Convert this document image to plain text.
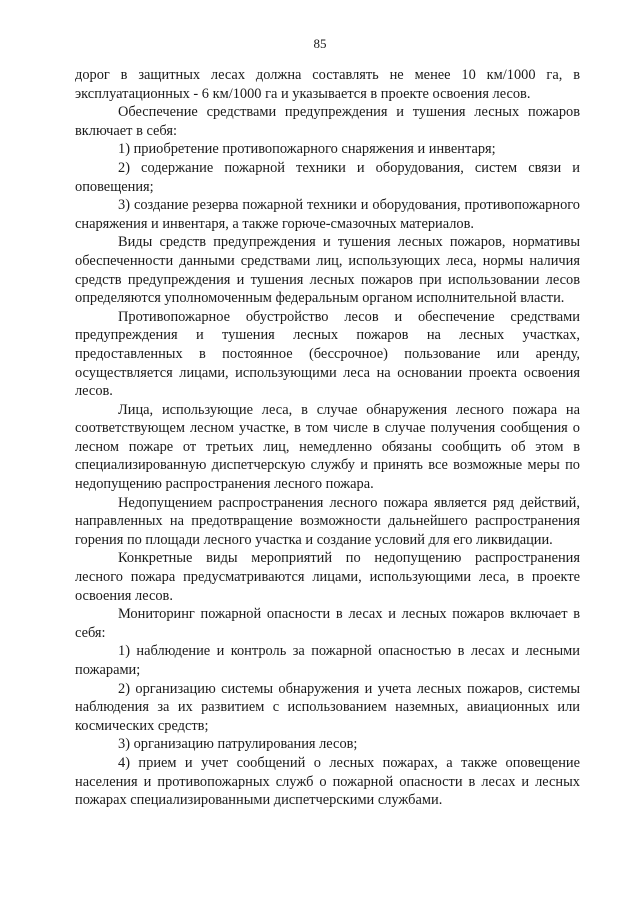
85

дорог в защитных лесах должна составлять не менее 10 км/1000 га, в эксплуатационных - 6 км/1000 га и указывается в проекте освоения лесов.

Обеспечение средствами предупреждения и тушения лесных пожаров включает в себя:

1) приобретение противопожарного снаряжения и инвентаря;

2) содержание пожарной техники и оборудования, систем связи и оповещения;

3) создание резерва пожарной техники и оборудования, противопожарного снаряжения и инвентаря, а также горюче-смазочных материалов.

Виды средств предупреждения и тушения лесных пожаров, нормативы обеспеченности данными средствами лиц, использующих леса, нормы наличия средств предупреждения и тушения лесных пожаров при использовании лесов определяются уполномоченным федеральным органом исполнительной власти.

Противопожарное обустройство лесов и обеспечение средствами предупреждения и тушения лесных пожаров на лесных участках, предоставленных в постоянное (бессрочное) пользование или аренду, осуществляется лицами, использующими леса на основании проекта освоения лесов.

Лица, использующие леса, в случае обнаружения лесного пожара на соответствующем лесном участке, в том числе в случае получения сообщения о лесном пожаре от третьих лиц, немедленно обязаны сообщить об этом в специализированную диспетчерскую службу и принять все возможные меры по недопущению распространения лесного пожара.

Недопущением распространения лесного пожара является ряд действий, направленных на предотвращение возможности дальнейшего распространения горения по площади лесного участка и создание условий для его ликвидации.

Конкретные виды мероприятий по недопущению распространения лесного пожара предусматриваются лицами, использующими леса, в проекте освоения лесов.

Мониторинг пожарной опасности в лесах и лесных пожаров включает в себя:

1) наблюдение и контроль за пожарной опасностью в лесах и лесными пожарами;

2) организацию системы обнаружения и учета лесных пожаров, системы наблюдения за их развитием с использованием наземных, авиационных или космических средств;

3) организацию патрулирования лесов;

4) прием и учет сообщений о лесных пожарах, а также оповещение населения и противопожарных служб о пожарной опасности в лесах и лесных пожарах специализированными диспетчерскими службами.
